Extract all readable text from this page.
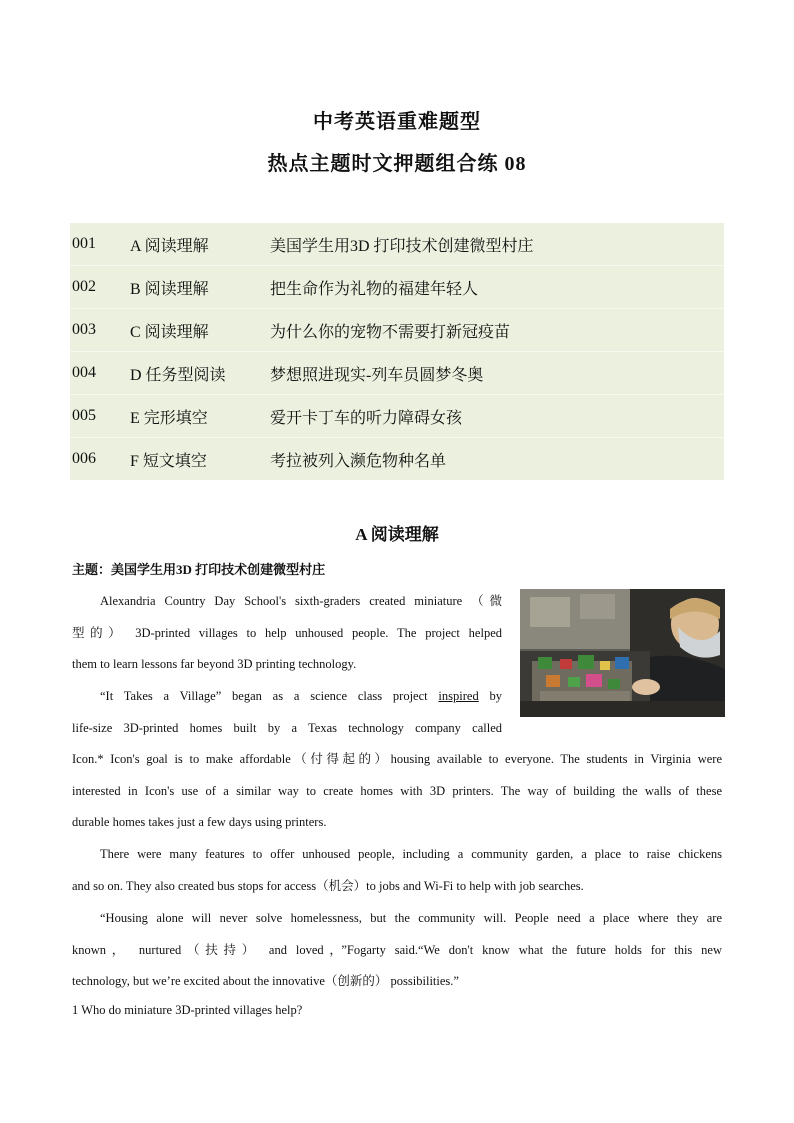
中考英语重难题型
热点主题时文押题组合练 08
001	A 阅读理解	美国学生用3D 打印技术创建微型村庄
002	B 阅读理解	把生命作为礼物的福建年轻人
003	C 阅读理解	为什么你的宠物不需要打新冠疫苗
004	D 任务型阅读	梦想照进现实-列车员圆梦冬奥
005	E 完形填空	爱开卡丁车的听力障碍女孩
006	F 短文填空	考拉被列入濒危物种名单
A 阅读理解
主题：美国学生用3D 打印技术创建微型村庄

Alexandria Country Day School's sixth-graders created miniature （微
型的） 3D-printed villages to help unhoused people. The project helped
them to learn lessons far beyond 3D printing technology.

“It Takes a Village” began as a science class project inspired by
life-size 3D-printed homes built by a Texas technology company called

Icon.* Icon's goal is to make affordable（付得起的）housing available to everyone. The students in Virginia were
interested in Icon's use of a similar way to create homes with 3D printers. The way of building the walls of these
durable homes takes just a few days using printers.

There were many features to offer unhoused people, including a community garden, a place to raise chickens
and so on. They also created bus stops for access（机会）to jobs and Wi-Fi to help with job searches.

“Housing alone will never solve homelessness, but the community will. People need a place where they are
known， nurtured（扶持） and loved，”Fogarty said.“We don't know what the future holds for this new
technology, but we’re excited about the innovative（创新的） possibilities.”

1 Who do miniature 3D-printed villages help?
